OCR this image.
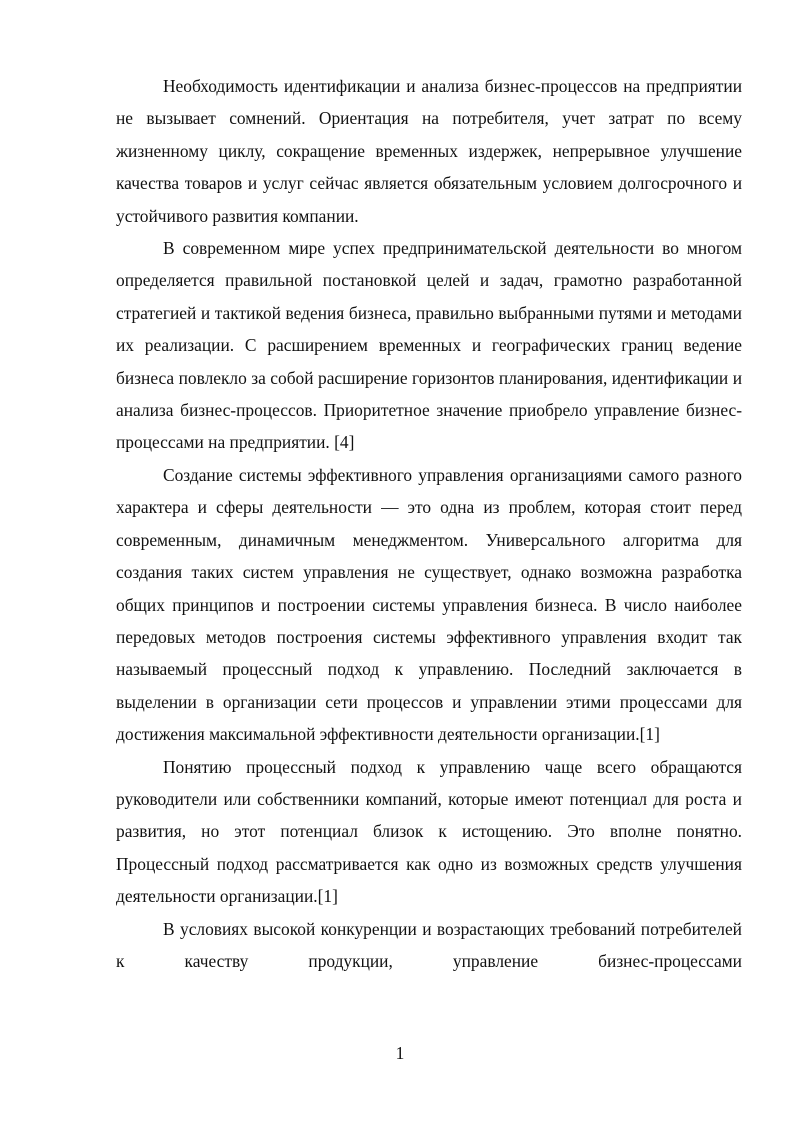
Необходимость идентификации и анализа бизнес-процессов на предприятии не вызывает сомнений. Ориентация на потребителя, учет затрат по всему жизненному циклу, сокращение временных издержек, непрерывное улучшение качества товаров и услуг сейчас является обязательным условием долгосрочного и устойчивого развития компании.

В современном мире успех предпринимательской деятельности во многом определяется правильной постановкой целей и задач, грамотно разработанной стратегией и тактикой ведения бизнеса, правильно выбранными путями и методами их реализации. С расширением временных и географических границ ведение бизнеса повлекло за собой расширение горизонтов планирования, идентификации и анализа бизнес-процессов. Приоритетное значение приобрело управление бизнес-процессами на предприятии. [4]

Создание системы эффективного управления организациями самого разного характера и сферы деятельности — это одна из проблем, которая стоит перед современным, динамичным менеджментом. Универсального алгоритма для создания таких систем управления не существует, однако возможна разработка общих принципов и построении системы управления бизнеса. В число наиболее передовых методов построения системы эффективного управления входит так называемый процессный подход к управлению. Последний заключается в выделении в организации сети процессов и управлении этими процессами для достижения максимальной эффективности деятельности организации.[1]

Понятию процессный подход к управлению чаще всего обращаются руководители или собственники компаний, которые имеют потенциал для роста и развития, но этот потенциал близок к истощению. Это вполне понятно. Процессный подход рассматривается как одно из возможных средств улучшения деятельности организации.[1]

В условиях высокой конкуренции и возрастающих требований потребителей к качеству продукции, управление бизнес-процессами

1
